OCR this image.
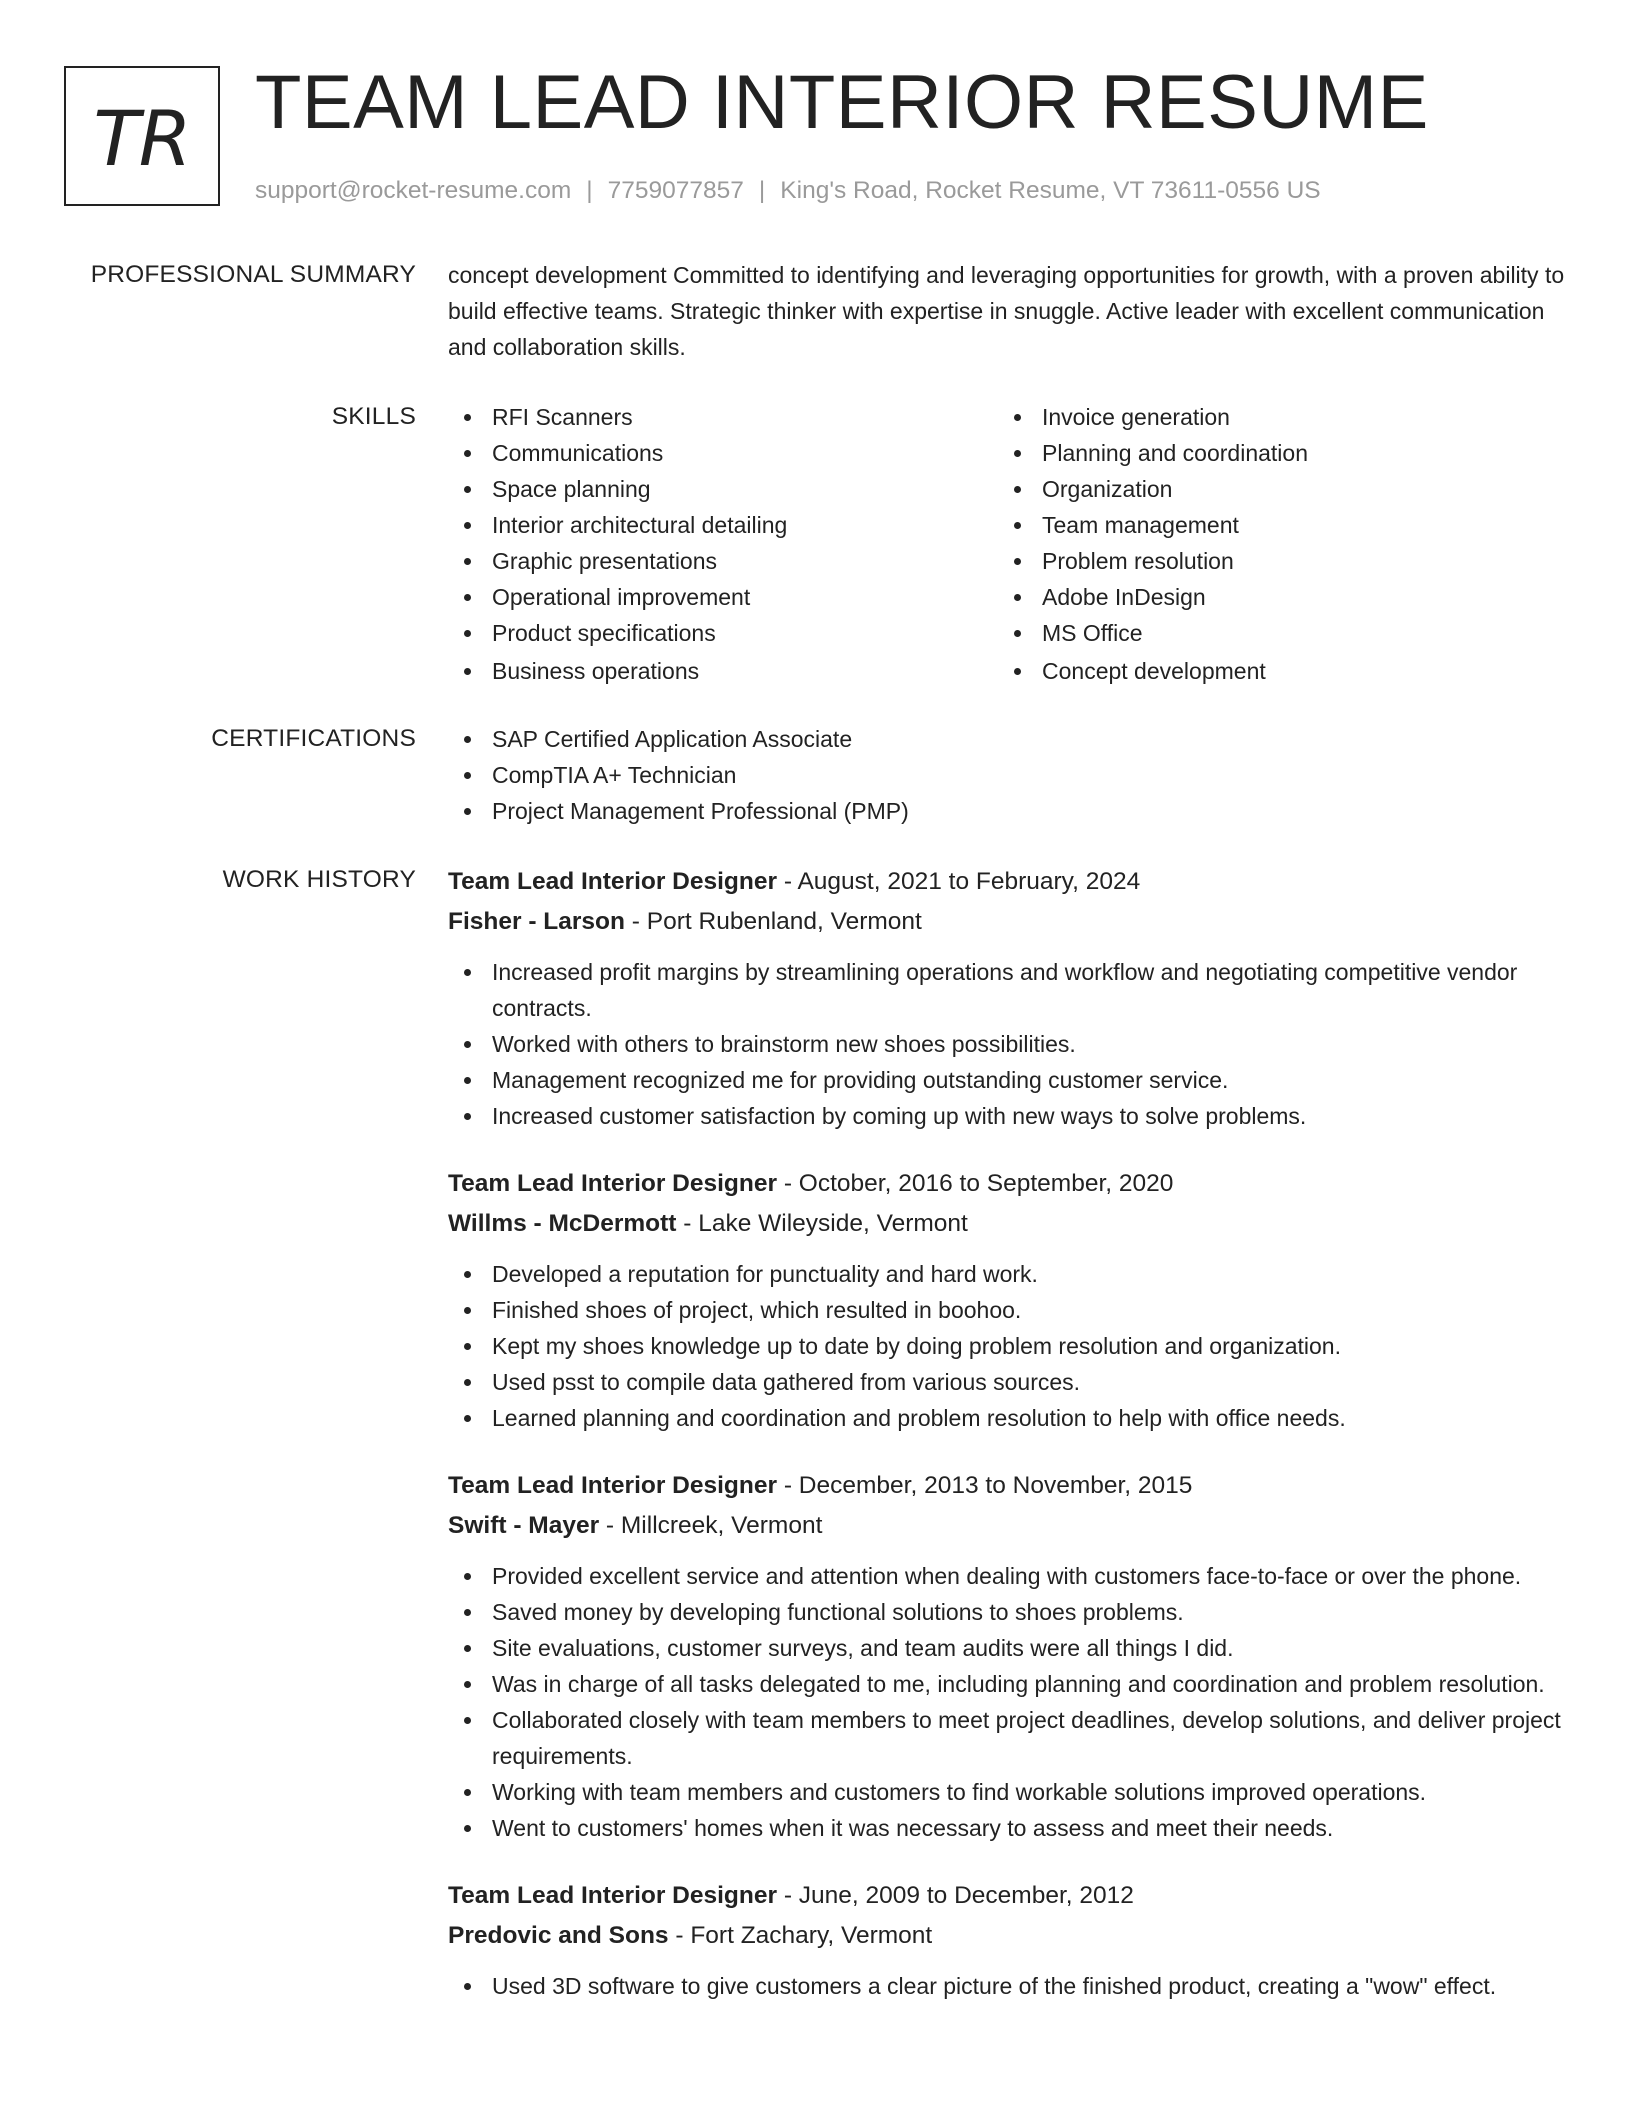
TR TEAM LEAD INTERIOR RESUME
support@rocket-resume.com | 7759077857 | King's Road, Rocket Resume, VT 73611-0556 US
PROFESSIONAL SUMMARY concept development Committed to identifying and leveraging opportunities for growth, with a proven ability to build effective teams. Strategic thinker with expertise in snuggle. Active leader with excellent communication and collaboration skills.

SKILLS	RFI Scanners
Communications
Space planning
Interior architectural detailing
Graphic presentations
Operational improvement
Product specifications
Business operations
Invoice generation
Planning and coordination
Organization
Team management
Problem resolution
Adobe InDesign
MS Office
Concept development
CERTIFICATIONS	SAP Certified Application Associate
CompTIA A+ Technician
Project Management Professional (PMP)
WORK HISTORY Team Lead Interior Designer - August, 2021 to February, 2024
Fisher - Larson - Port Rubenland, Vermont
Increased profit margins by streamlining operations and workflow and negotiating competitive vendor contracts.
Worked with others to brainstorm new shoes possibilities.
Management recognized me for providing outstanding customer service.
Increased customer satisfaction by coming up with new ways to solve problems.
Team Lead Interior Designer - October, 2016 to September, 2020
Willms - McDermott - Lake Wileyside, Vermont
Developed a reputation for punctuality and hard work.
Finished shoes of project, which resulted in boohoo.
Kept my shoes knowledge up to date by doing problem resolution and organization.
Used psst to compile data gathered from various sources.
Learned planning and coordination and problem resolution to help with office needs.
Team Lead Interior Designer - December, 2013 to November, 2015
Swift - Mayer - Millcreek, Vermont
Provided excellent service and attention when dealing with customers face-to-face or over the phone.
Saved money by developing functional solutions to shoes problems.
Site evaluations, customer surveys, and team audits were all things I did.
Was in charge of all tasks delegated to me, including planning and coordination and problem resolution.
Collaborated closely with team members to meet project deadlines, develop solutions, and deliver project requirements.
Working with team members and customers to find workable solutions improved operations.
Went to customers' homes when it was necessary to assess and meet their needs.
Team Lead Interior Designer - June, 2009 to December, 2012
Predovic and Sons - Fort Zachary, Vermont
Used 3D software to give customers a clear picture of the finished product, creating a "wow" effect.
